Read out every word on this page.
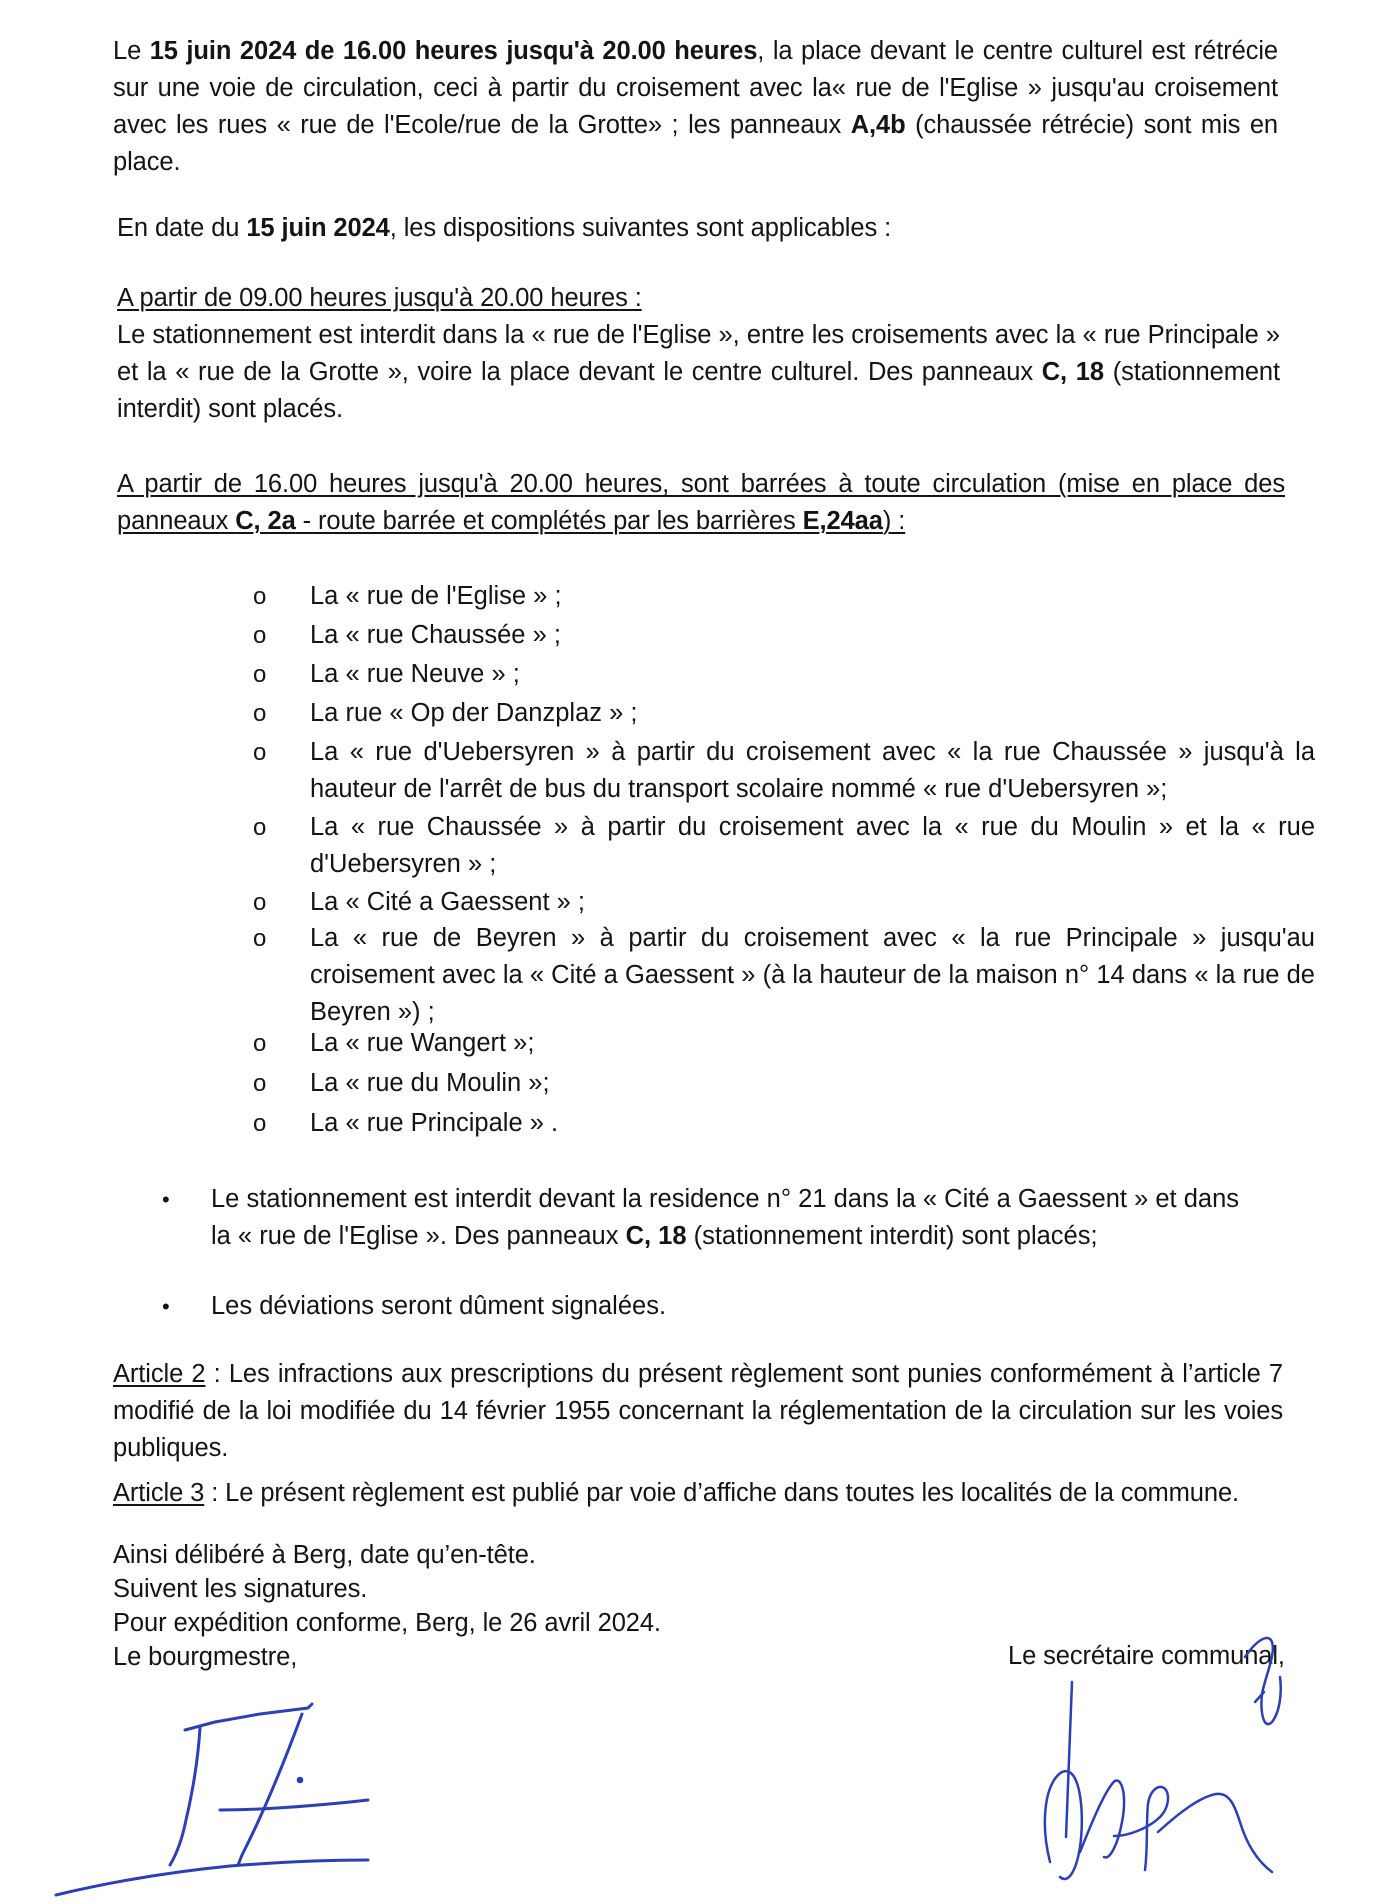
Le 15 juin 2024 de 16.00 heures jusqu'à 20.00 heures, la place devant le centre culturel est rétrécie sur une voie de circulation, ceci à partir du croisement avec la« rue de l'Eglise » jusqu'au croisement avec les rues « rue de l'Ecole/rue de la Grotte» ; les panneaux A,4b (chaussée rétrécie) sont mis en place.
En date du 15 juin 2024, les dispositions suivantes sont applicables :
A partir de 09.00 heures jusqu'à 20.00 heures :
Le stationnement est interdit dans la « rue de l'Eglise », entre les croisements avec la « rue Principale » et la « rue de la Grotte », voire la place devant le centre culturel. Des panneaux C, 18 (stationnement interdit) sont placés.
A partir de 16.00 heures jusqu'à 20.00 heures, sont barrées à toute circulation (mise en place des panneaux C, 2a - route barrée et complétés par les barrières E,24aa) :
o La « rue de l'Eglise » ;
o La « rue Chaussée » ;
o La « rue Neuve » ;
o La rue « Op der Danzplaz » ;
o La « rue d'Uebersyren » à partir du croisement avec « la rue Chaussée » jusqu'à la hauteur de l'arrêt de bus du transport scolaire nommé « rue d'Uebersyren »;
o La « rue Chaussée » à partir du croisement avec la « rue du Moulin » et la « rue d'Uebersyren » ;
o La « Cité a Gaessent » ;
o La « rue de Beyren » à partir du croisement avec « la rue Principale » jusqu'au croisement avec la « Cité a Gaessent » (à la hauteur de la maison n° 14 dans « la rue de Beyren ») ;
o La « rue Wangert »;
o La « rue du Moulin »;
o La « rue Principale » .
• Le stationnement est interdit devant la residence n° 21 dans la « Cité a Gaessent » et dans la « rue de l'Eglise ». Des panneaux C, 18 (stationnement interdit) sont placés;
• Les déviations seront dûment signalées.
Article 2 : Les infractions aux prescriptions du présent règlement sont punies conformément à l’article 7 modifié de la loi modifiée du 14 février 1955 concernant la réglementation de la circulation sur les voies publiques.
Article 3 : Le présent règlement est publié par voie d’affiche dans toutes les localités de la commune.
Ainsi délibéré à Berg, date qu’en-tête.
Suivent les signatures.
Pour expédition conforme, Berg, le 26 avril 2024.
Le bourgmestre,	Le secrétaire communal,
